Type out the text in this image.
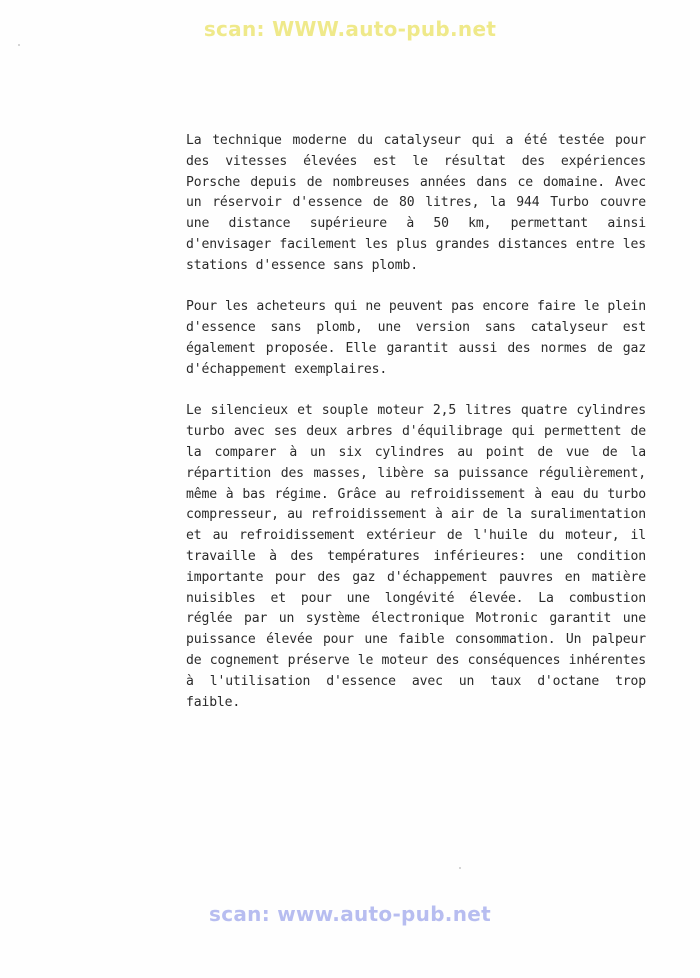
scan: WWW.auto-pub.net

La technique moderne du catalyseur qui a été testée pour des vitesses élevées est le résultat des expériences Porsche depuis de nombreuses années dans ce domaine. Avec un réservoir d'essence de 80 litres, la 944 Turbo couvre une distance supérieure à 50 km, permettant ainsi d'envisager facilement les plus grandes distances entre les stations d'essence sans plomb.

Pour les acheteurs qui ne peuvent pas encore faire le plein d'essence sans plomb, une version sans catalyseur est également proposée. Elle garantit aussi des normes de gaz d'échappement exemplaires.

Le silencieux et souple moteur 2,5 litres quatre cylindres turbo avec ses deux arbres d'équilibrage qui permettent de la comparer à un six cylindres au point de vue de la répartition des masses, libère sa puissance régulièrement, même à bas régime. Grâce au refroidissement à eau du turbo compresseur, au refroidissement à air de la suralimentation et au refroidissement extérieur de l'huile du moteur, il travaille à des températures inférieures: une condition importante pour des gaz d'échappement pauvres en matière nuisibles et pour une longévité élevée. La combustion réglée par un système électronique Motronic garantit une puissance élevée pour une faible consommation. Un palpeur de cognement préserve le moteur des conséquences inhérentes à l'utilisation d'essence avec un taux d'octane trop faible.

scan: www.auto-pub.net
